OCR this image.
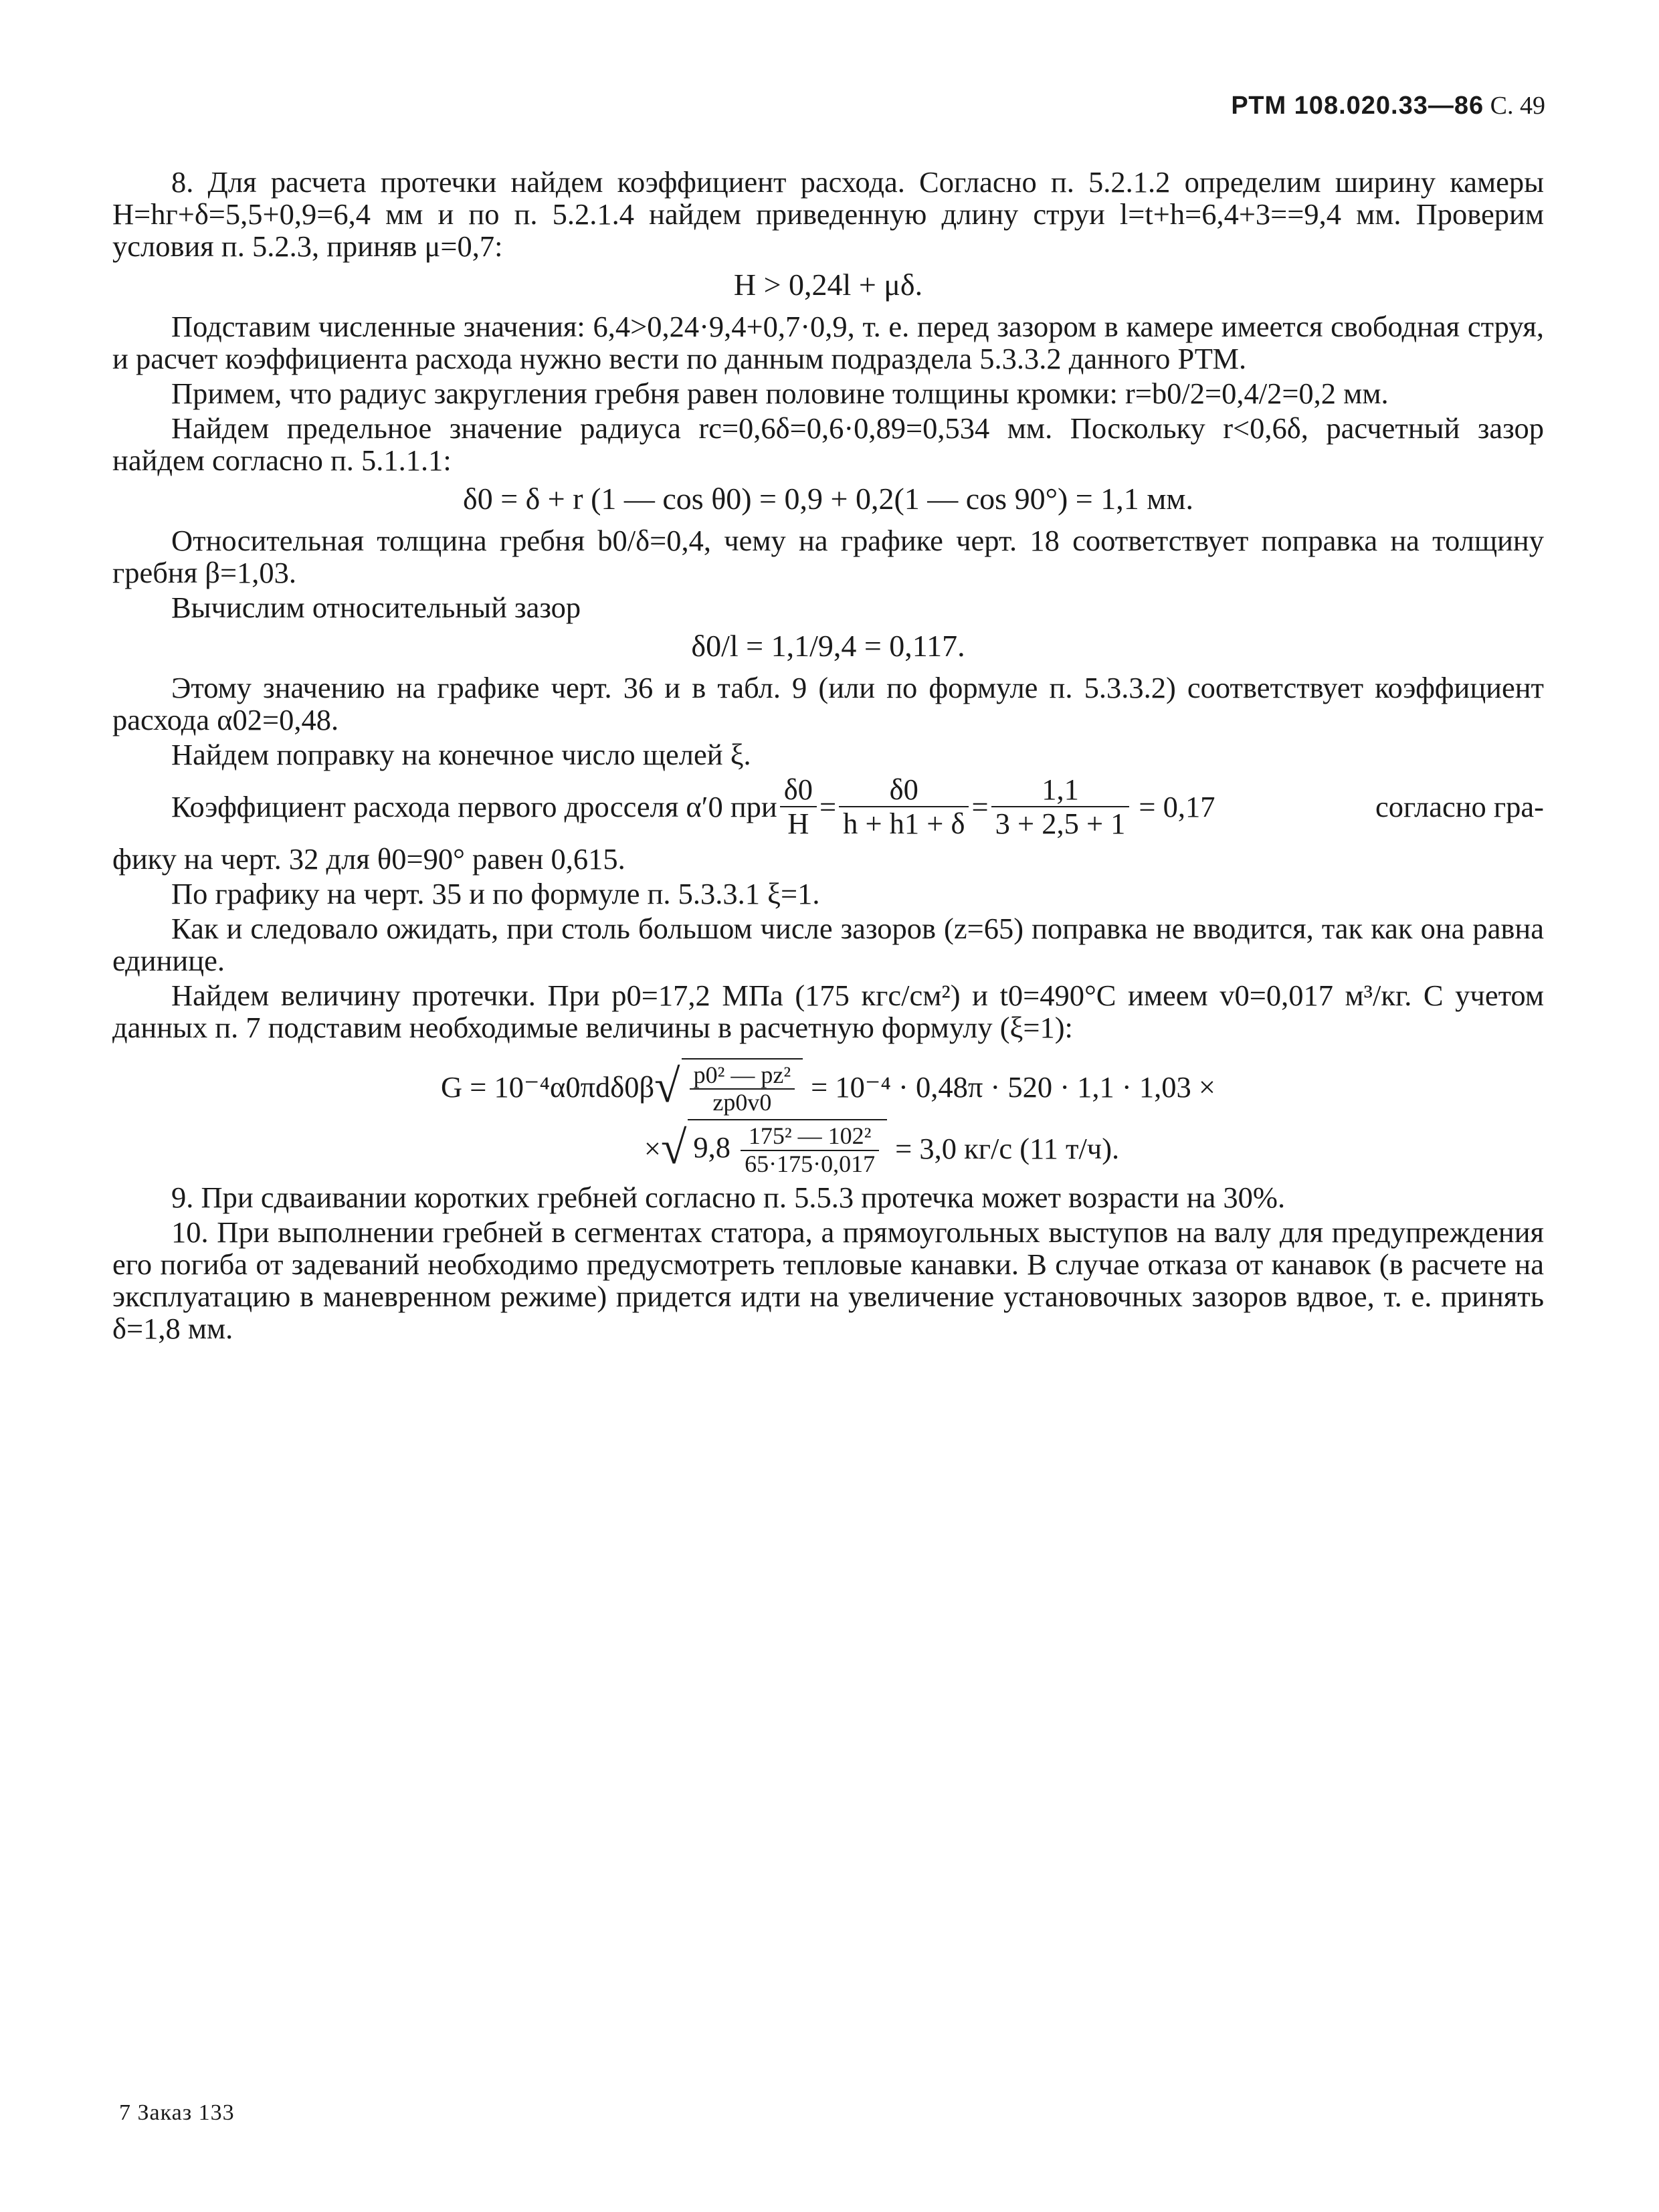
РТМ 108.020.33—86 С. 49

8. Для расчета протечки найдем коэффициент расхода. Согласно п. 5.2.1.2 определим ширину камеры H=hг+δ=5,5+0,9=6,4 мм и по п. 5.2.1.4 найдем приведенную длину струи l=t+h=6,4+3==9,4 мм. Проверим условия п. 5.2.3, приняв μ=0,7:

H > 0,24l + μδ.

Подставим численные значения: 6,4>0,24·9,4+0,7·0,9, т. е. перед зазором в камере имеется свободная струя, и расчет коэффициента расхода нужно вести по данным подраздела 5.3.3.2 данного РТМ.

Примем, что радиус закругления гребня равен половине толщины кромки: r=b0/2=0,4/2=0,2 мм.

Найдем предельное значение радиуса rc=0,6δ=0,6·0,89=0,534 мм. Поскольку r<0,6δ, расчетный зазор найдем согласно п. 5.1.1.1:

δ0 = δ + r (1 — cos θ0) = 0,9 + 0,2(1 — cos 90°) = 1,1 мм.

Относительная толщина гребня b0/δ=0,4, чему на графике черт. 18 соответствует поправка на толщину гребня β=1,03.

Вычислим относительный зазор

δ0/l = 1,1/9,4 = 0,117.

Этому значению на графике черт. 36 и в табл. 9 (или по формуле п. 5.3.3.2) соответствует коэффициент расхода α02=0,48.

Найдем поправку на конечное число щелей ξ.

Коэффициент расхода первого дросселя α′0 при $\frac{\delta 0}{H} = \frac{\delta 0}{h + h1 + \delta} = \frac{1,1}{3 + 2,5 + 1} = 0,17$	согласно гра-

фику на черт. 32 для θ0=90° равен 0,615.

По графику на черт. 35 и по формуле п. 5.3.3.1 ξ=1.

Как и следовало ожидать, при столь большом числе зазоров (z=65) поправка не вводится, так как она равна единице.

Найдем величину протечки. При p0=17,2 МПа (175 кгс/см²) и t0=490°С имеем v0=0,017 м³/кг. С учетом данных п. 7 подставим необходимые величины в расчетную формулу (ξ=1):

G = 10⁻⁴α0πdδ0β √ $\frac{\text{p0² — pz²}}{zp0v0} = 10^{-4} \cdot 0,48\pi \cdot 520 \cdot 1,1 \cdot 1,03$ ×
× √ $9,8 \frac{\text{175² — 102²}}{65\cdot 175\cdot 0,017} = 3,0$ кг/с (11 т/ч).

9. При сдваивании коротких гребней согласно п. 5.5.3 протечка может возрасти на 30%.

10. При выполнении гребней в сегментах статора, а прямоугольных выступов на валу для предупреждения его погиба от задеваний необходимо предусмотреть тепловые канавки. В случае отказа от канавок (в расчете на эксплуатацию в маневренном режиме) придется идти на увеличение установочных зазоров вдвое, т. е. принять δ=1,8 мм.

7 Заказ 133
